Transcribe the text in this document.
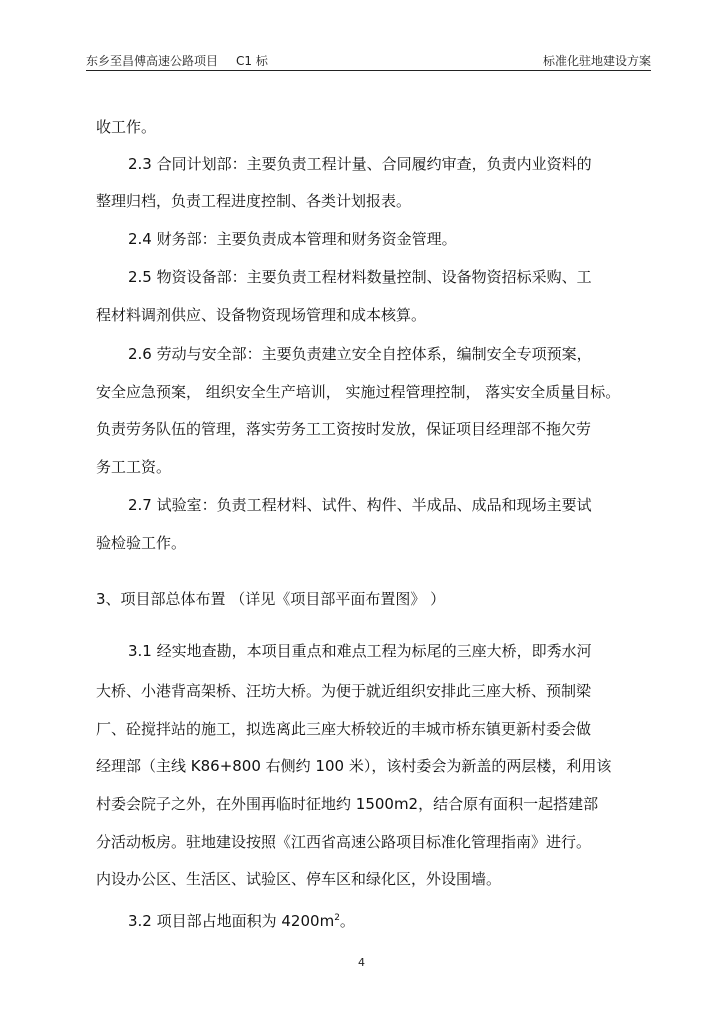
东乡至昌傅高速公路项目 C1 标	标准化驻地建设方案
收工作。
2.3 合同计划部：主要负责工程计量、合同履约审查，负责内业资料的
整理归档，负责工程进度控制、各类计划报表。
2.4 财务部：主要负责成本管理和财务资金管理。
2.5 物资设备部：主要负责工程材料数量控制、设备物资招标采购、工
程材料调剂供应、设备物资现场管理和成本核算。
2.6 劳动与安全部：主要负责建立安全自控体系，编制安全专项预案，
安全应急预案， 组织安全生产培训， 实施过程管理控制， 落实安全质量目标。
负责劳务队伍的管理，落实劳务工工资按时发放，保证项目经理部不拖欠劳
务工工资。
2.7 试验室：负责工程材料、试件、构件、半成品、成品和现场主要试
验检验工作。
3、项目部总体布置 （详见《项目部平面布置图》 ）
3.1 经实地查勘，本项目重点和难点工程为标尾的三座大桥，即秀水河
大桥、小港背高架桥、汪坊大桥。为便于就近组织安排此三座大桥、预制梁
厂、砼搅拌站的施工，拟选离此三座大桥较近的丰城市桥东镇更新村委会做
经理部（主线 K86+800 右侧约 100 米），该村委会为新盖的两层楼，利用该
村委会院子之外，在外围再临时征地约 1500m2，结合原有面积一起搭建部
分活动板房。驻地建设按照《江西省高速公路项目标准化管理指南》进行。
内设办公区、生活区、试验区、停车区和绿化区，外设围墙。
3.2 项目部占地面积为 $4200m^2$。
4
